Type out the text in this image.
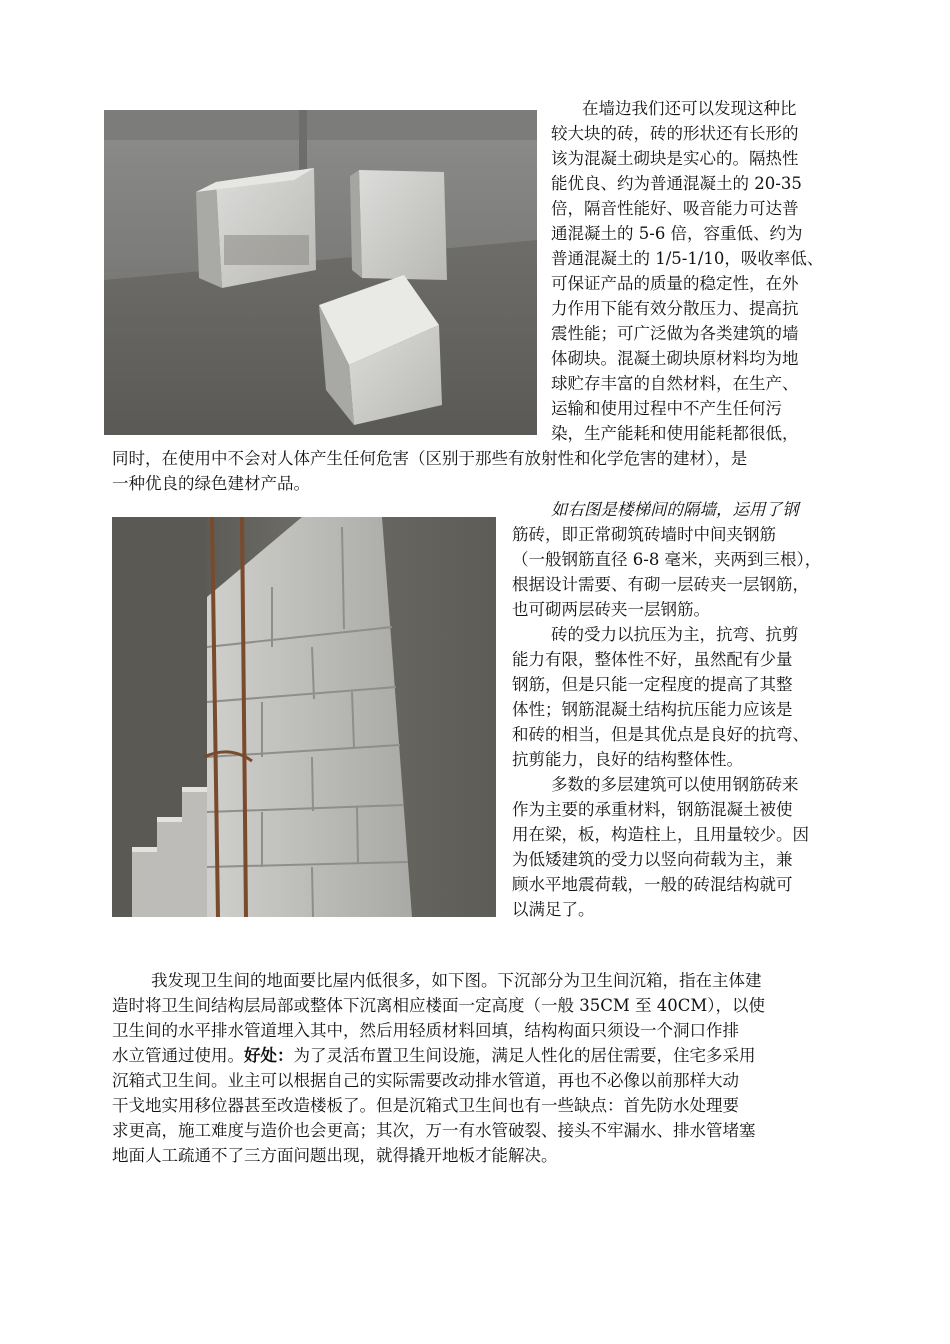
在墙边我们还可以发现这种比
较大块的砖，砖的形状还有长形的
该为混凝土砌块是实心的。隔热性
能优良、约为普通混凝土的 20-35
倍，隔音性能好、吸音能力可达普
通混凝土的 5-6 倍，容重低、约为
普通混凝土的 1/5-1/10，吸收率低、
可保证产品的质量的稳定性，在外
力作用下能有效分散压力、提高抗
震性能；可广泛做为各类建筑的墙
体砌块。混凝土砌块原材料均为地
球贮存丰富的自然材料，在生产、
运输和使用过程中不产生任何污
染，生产能耗和使用能耗都很低，
同时，在使用中不会对人体产生任何危害（区别于那些有放射性和化学危害的建材），是
一种优良的绿色建材产品。
如右图是楼梯间的隔墙，运用了钢
筋砖，即正常砌筑砖墙时中间夹钢筋
（一般钢筋直径 6-8 毫米，夹两到三根），
根据设计需要、有砌一层砖夹一层钢筋，
也可砌两层砖夹一层钢筋。
砖的受力以抗压为主，抗弯、抗剪
能力有限，整体性不好，虽然配有少量
钢筋，但是只能一定程度的提高了其整
体性；钢筋混凝土结构抗压能力应该是
和砖的相当，但是其优点是良好的抗弯、
抗剪能力，良好的结构整体性。
多数的多层建筑可以使用钢筋砖来
作为主要的承重材料，钢筋混凝土被使
用在梁，板，构造柱上，且用量较少。因
为低矮建筑的受力以竖向荷载为主，兼
顾水平地震荷载，一般的砖混结构就可
以满足了。
我发现卫生间的地面要比屋内低很多，如下图。下沉部分为卫生间沉箱，指在主体建
造时将卫生间结构层局部或整体下沉离相应楼面一定高度（一般 35CM 至 40CM），以使
卫生间的水平排水管道埋入其中，然后用轻质材料回填，结构构面只须设一个洞口作排
水立管通过使用。好处：为了灵活布置卫生间设施，满足人性化的居住需要，住宅多采用
沉箱式卫生间。业主可以根据自己的实际需要改动排水管道，再也不必像以前那样大动
干戈地实用移位器甚至改造楼板了。但是沉箱式卫生间也有一些缺点：首先防水处理要
求更高，施工难度与造价也会更高；其次，万一有水管破裂、接头不牢漏水、排水管堵塞
地面人工疏通不了三方面问题出现，就得撬开地板才能解决。
